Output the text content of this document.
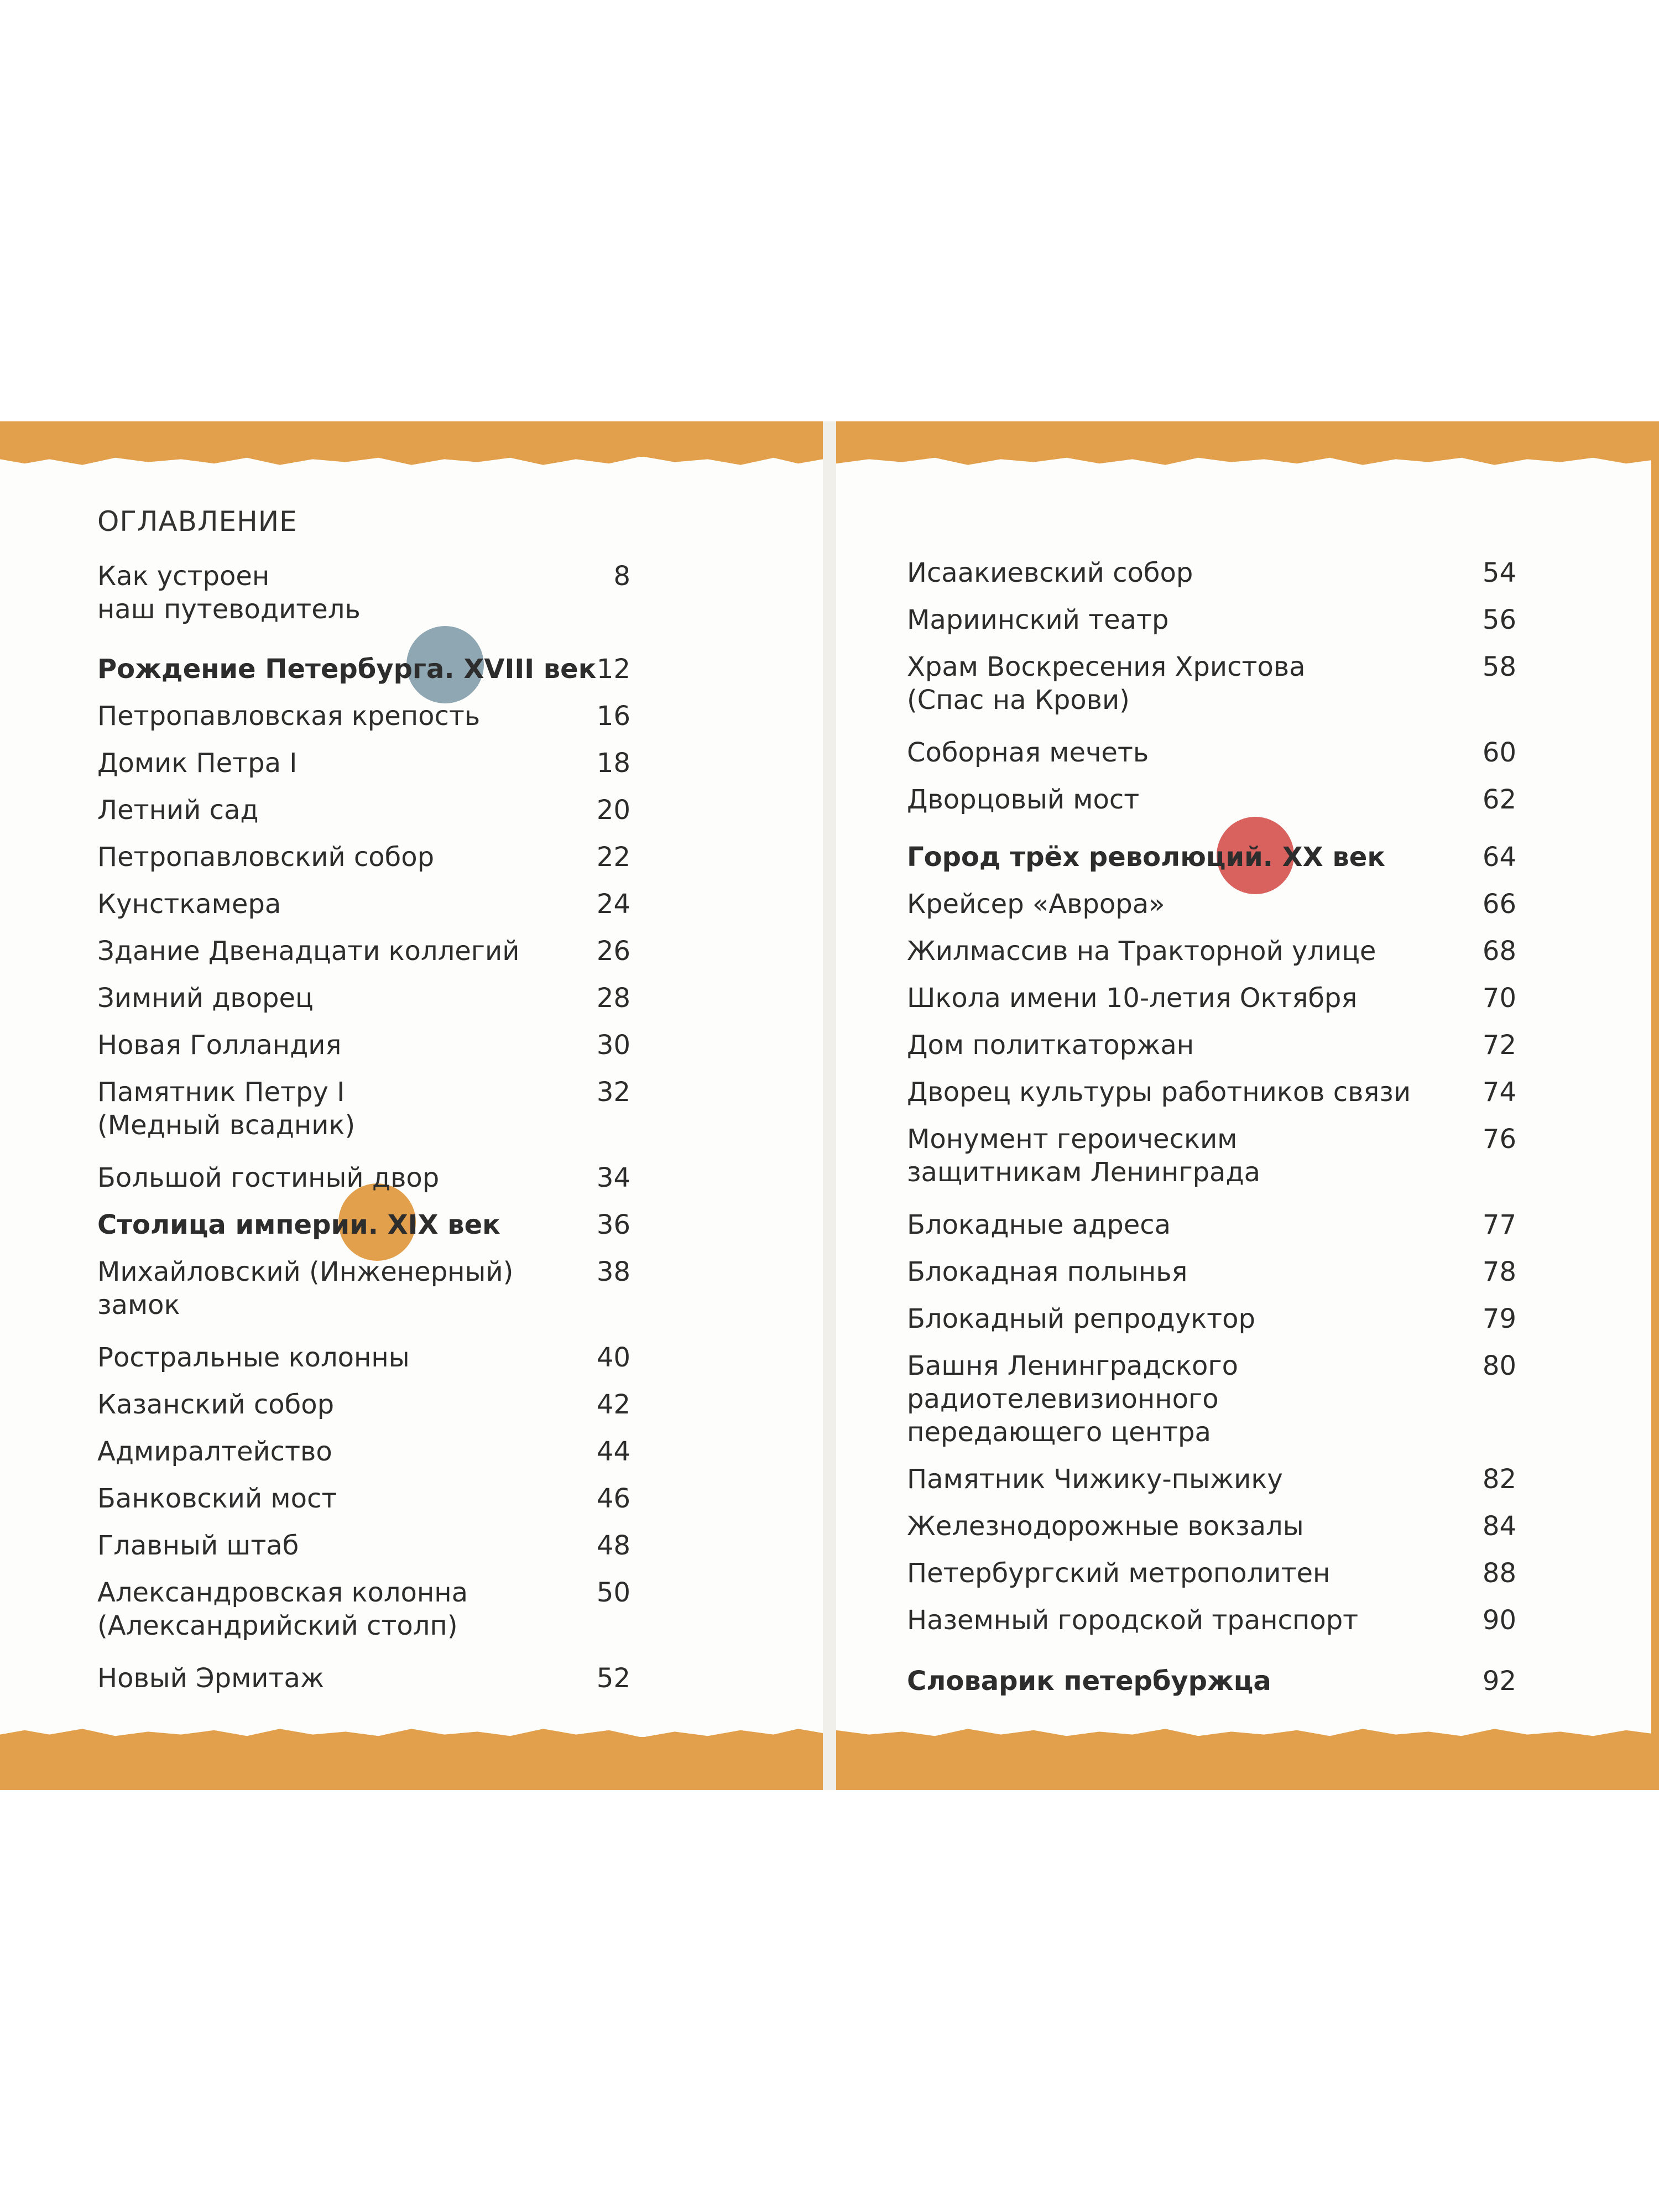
ОГЛАВЛЕНИЕ
Как устроен
наш путеводитель
8
Рождение Петербурга. XVIII век 12
Петропавловская крепость	16
Домик Петра I	18
Летний сад	20
Петропавловский собор	22
Кунсткамера	24
Здание Двенадцати коллегий	26
Зимний дворец	28
Новая Голландия	30
Памятник Петру I
(Медный всадник)
32
Большой гостиный двор	34
Столица империи. XIX век	36
Михайловский (Инженерный)
замок
38
Ростральные колонны	40
Казанский собор	42
Адмиралтейство	44
Банковский мост	46
Главный штаб	48
Александровская колонна
(Александрийский столп)
50
Новый Эрмитаж	52
Исаакиевский собор	54
Мариинский театр	56
Храм Воскресения Христова
(Спас на Крови)
58
Соборная мечеть	60
Дворцовый мост	62
Город трёх революций. XX век	64
Крейсер «Аврора»	66
Жилмассив на Тракторной улице	68
Школа имени 10-летия Октября	70
Дом политкаторжан	72
Дворец культуры работников связи	74
Монумент героическим
защитникам Ленинграда
76
Блокадные адреса	77
Блокадная полынья	78
Блокадный репродуктор	79
Башня Ленинградского
радиотелевизионного
передающего центра
80
Памятник Чижику-пыжику	82
Железнодорожные вокзалы	84
Петербургский метрополитен	88
Наземный городской транспорт	90
Словарик петербуржца	92
